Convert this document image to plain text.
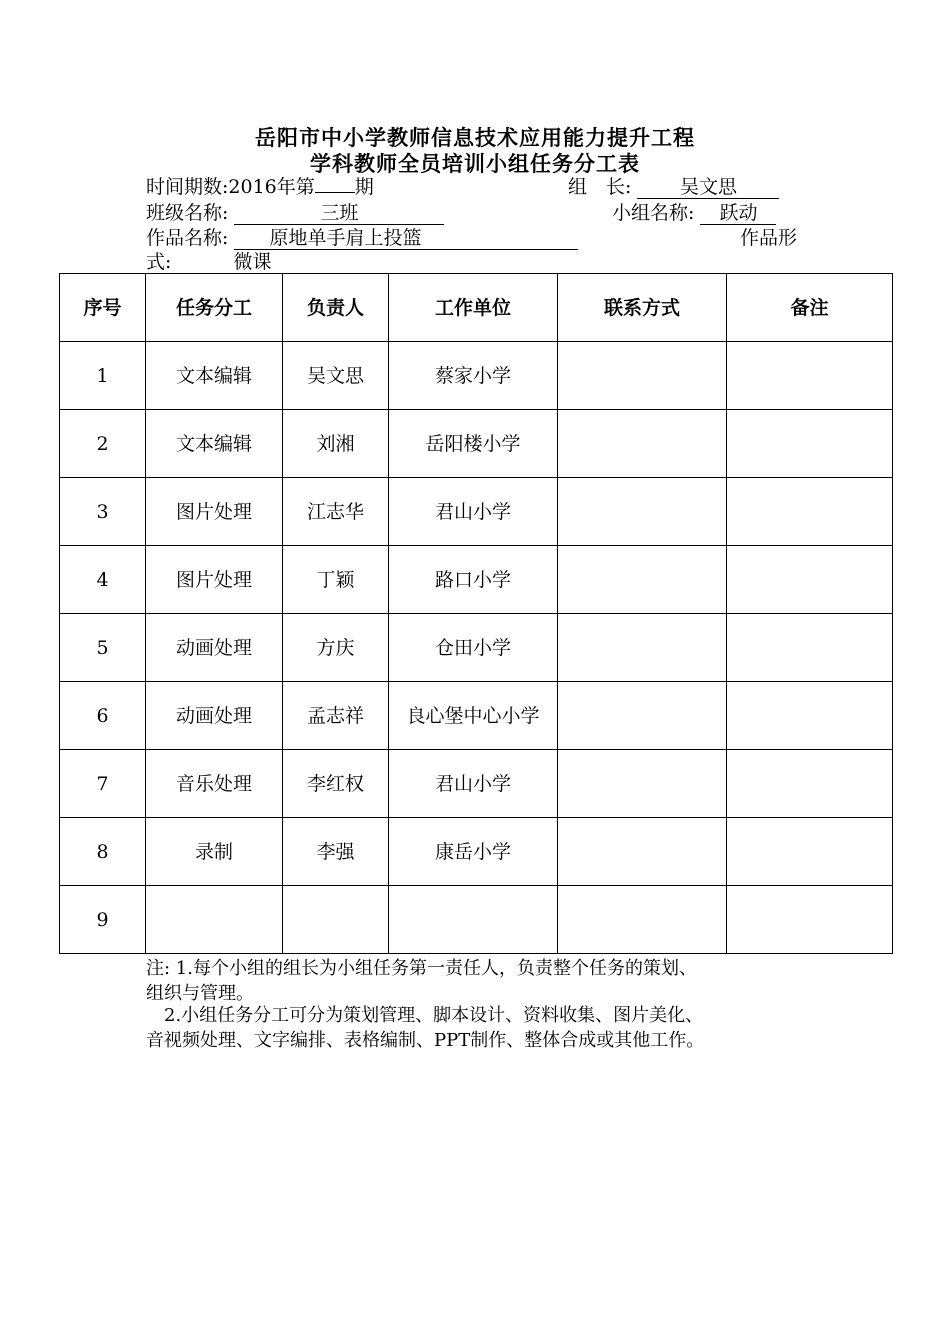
岳阳市中小学教师信息技术应用能力提升工程
学科教师全员培训小组任务分工表
时间期数:2016年第 期	组　长:	吴文思
班级名称:	三班	小组名称: 跃动
作品名称: 原地单手肩上投篮	作品形
式:	微课
序号	任务分工	负责人	工作单位	联系方式	备注
1	文本编辑	吴文思	蔡家小学		
2	文本编辑	刘湘	岳阳楼小学		
3	图片处理	江志华	君山小学		
4	图片处理	丁颖	路口小学		
5	动画处理	方庆	仓田小学		
6	动画处理	孟志祥	良心堡中心小学		
7	音乐处理	李红权	君山小学		
8	录制	李强	康岳小学		
9					
注: 1.每个小组的组长为小组任务第一责任人，负责整个任务的策划、
组织与管理。
　2.小组任务分工可分为策划管理、脚本设计、资料收集、图片美化、
音视频处理、文字编排、表格编制、PPT制作、整体合成或其他工作。
